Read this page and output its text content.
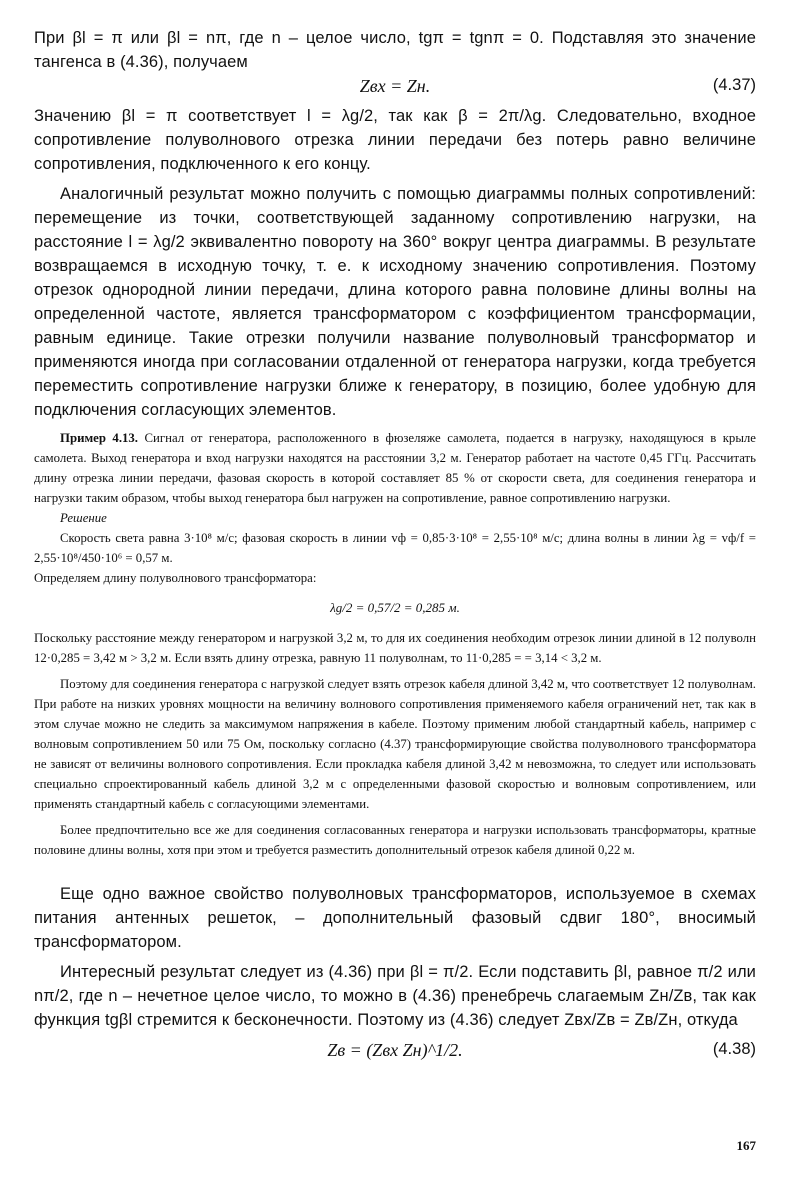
При βl = π или βl = nπ, где n – целое число, tgπ = tgnπ = 0. Подставляя это значение тангенса в (4.36), получаем

Zвх = Zн.	(4.37)

Значению βl = π соответствует l = λg/2, так как β = 2π/λg. Следовательно, входное сопротивление полуволнового отрезка линии передачи без потерь равно величине сопротивления, подключенного к его концу.

Аналогичный результат можно получить с помощью диаграммы полных сопротивлений: перемещение из точки, соответствующей заданному сопротивлению нагрузки, на расстояние l = λg/2 эквивалентно повороту на 360° вокруг центра диаграммы. В результате возвращаемся в исходную точку, т. е. к исходному значению сопротивления. Поэтому отрезок однородной линии передачи, длина которого равна половине длины волны на определенной частоте, является трансформатором с коэффициентом трансформации, равным единице. Такие отрезки получили название полуволновый трансформатор и применяются иногда при согласовании отдаленной от генератора нагрузки, когда требуется переместить сопротивление нагрузки ближе к генератору, в позицию, более удобную для подключения согласующих элементов.

Пример 4.13. Сигнал от генератора, расположенного в фюзеляже самолета, подается в нагрузку, находящуюся в крыле самолета. Выход генератора и вход нагрузки находятся на расстоянии 3,2 м. Генератор работает на частоте 0,45 ГГц. Рассчитать длину отрезка линии передачи, фазовая скорость в которой составляет 85 % от скорости света, для соединения генератора и нагрузки таким образом, чтобы выход генератора был нагружен на сопротивление, равное сопротивлению нагрузки.

Решение

Скорость света равна 3·10⁸ м/с; фазовая скорость в линии vф = 0,85·3·10⁸ = 2,55·10⁸ м/с; длина волны в линии λg = vф/f = 2,55·10⁸/450·10⁶ = 0,57 м.

Определяем длину полуволнового трансформатора:

λg/2 = 0,57/2 = 0,285 м.

Поскольку расстояние между генератором и нагрузкой 3,2 м, то для их соединения необходим отрезок линии длиной в 12 полуволн 12·0,285 = 3,42 м > 3,2 м. Если взять длину отрезка, равную 11 полуволнам, то 11·0,285 = = 3,14 < 3,2 м.

Поэтому для соединения генератора с нагрузкой следует взять отрезок кабеля длиной 3,42 м, что соответствует 12 полуволнам. При работе на низких уровнях мощности на величину волнового сопротивления применяемого кабеля ограничений нет, так как в этом случае можно не следить за максимумом напряжения в кабеле. Поэтому применим любой стандартный кабель, например с волновым сопротивлением 50 или 75 Ом, поскольку согласно (4.37) трансформирующие свойства полуволнового трансформатора не зависят от величины волнового сопротивления. Если прокладка кабеля длиной 3,42 м невозможна, то следует или использовать специально спроектированный кабель длиной 3,2 м с определенными фазовой скоростью и волновым сопротивлением, или применять стандартный кабель с согласующими элементами.

Более предпочтительно все же для соединения согласованных генератора и нагрузки использовать трансформаторы, кратные половине длины волны, хотя при этом и требуется разместить дополнительный отрезок кабеля длиной 0,22 м.

Еще одно важное свойство полуволновых трансформаторов, используемое в схемах питания антенных решеток, – дополнительный фазовый сдвиг 180°, вносимый трансформатором.

Интересный результат следует из (4.36) при βl = π/2. Если подставить βl, равное π/2 или nπ/2, где n – нечетное целое число, то можно в (4.36) пренебречь слагаемым Zн/Zв, так как функция tgβl стремится к бесконечности. Поэтому из (4.36) следует Zвх/Zв = Zв/Zн, откуда

Zв = (Zвх Zн)^1/2.	(4.38)
167
